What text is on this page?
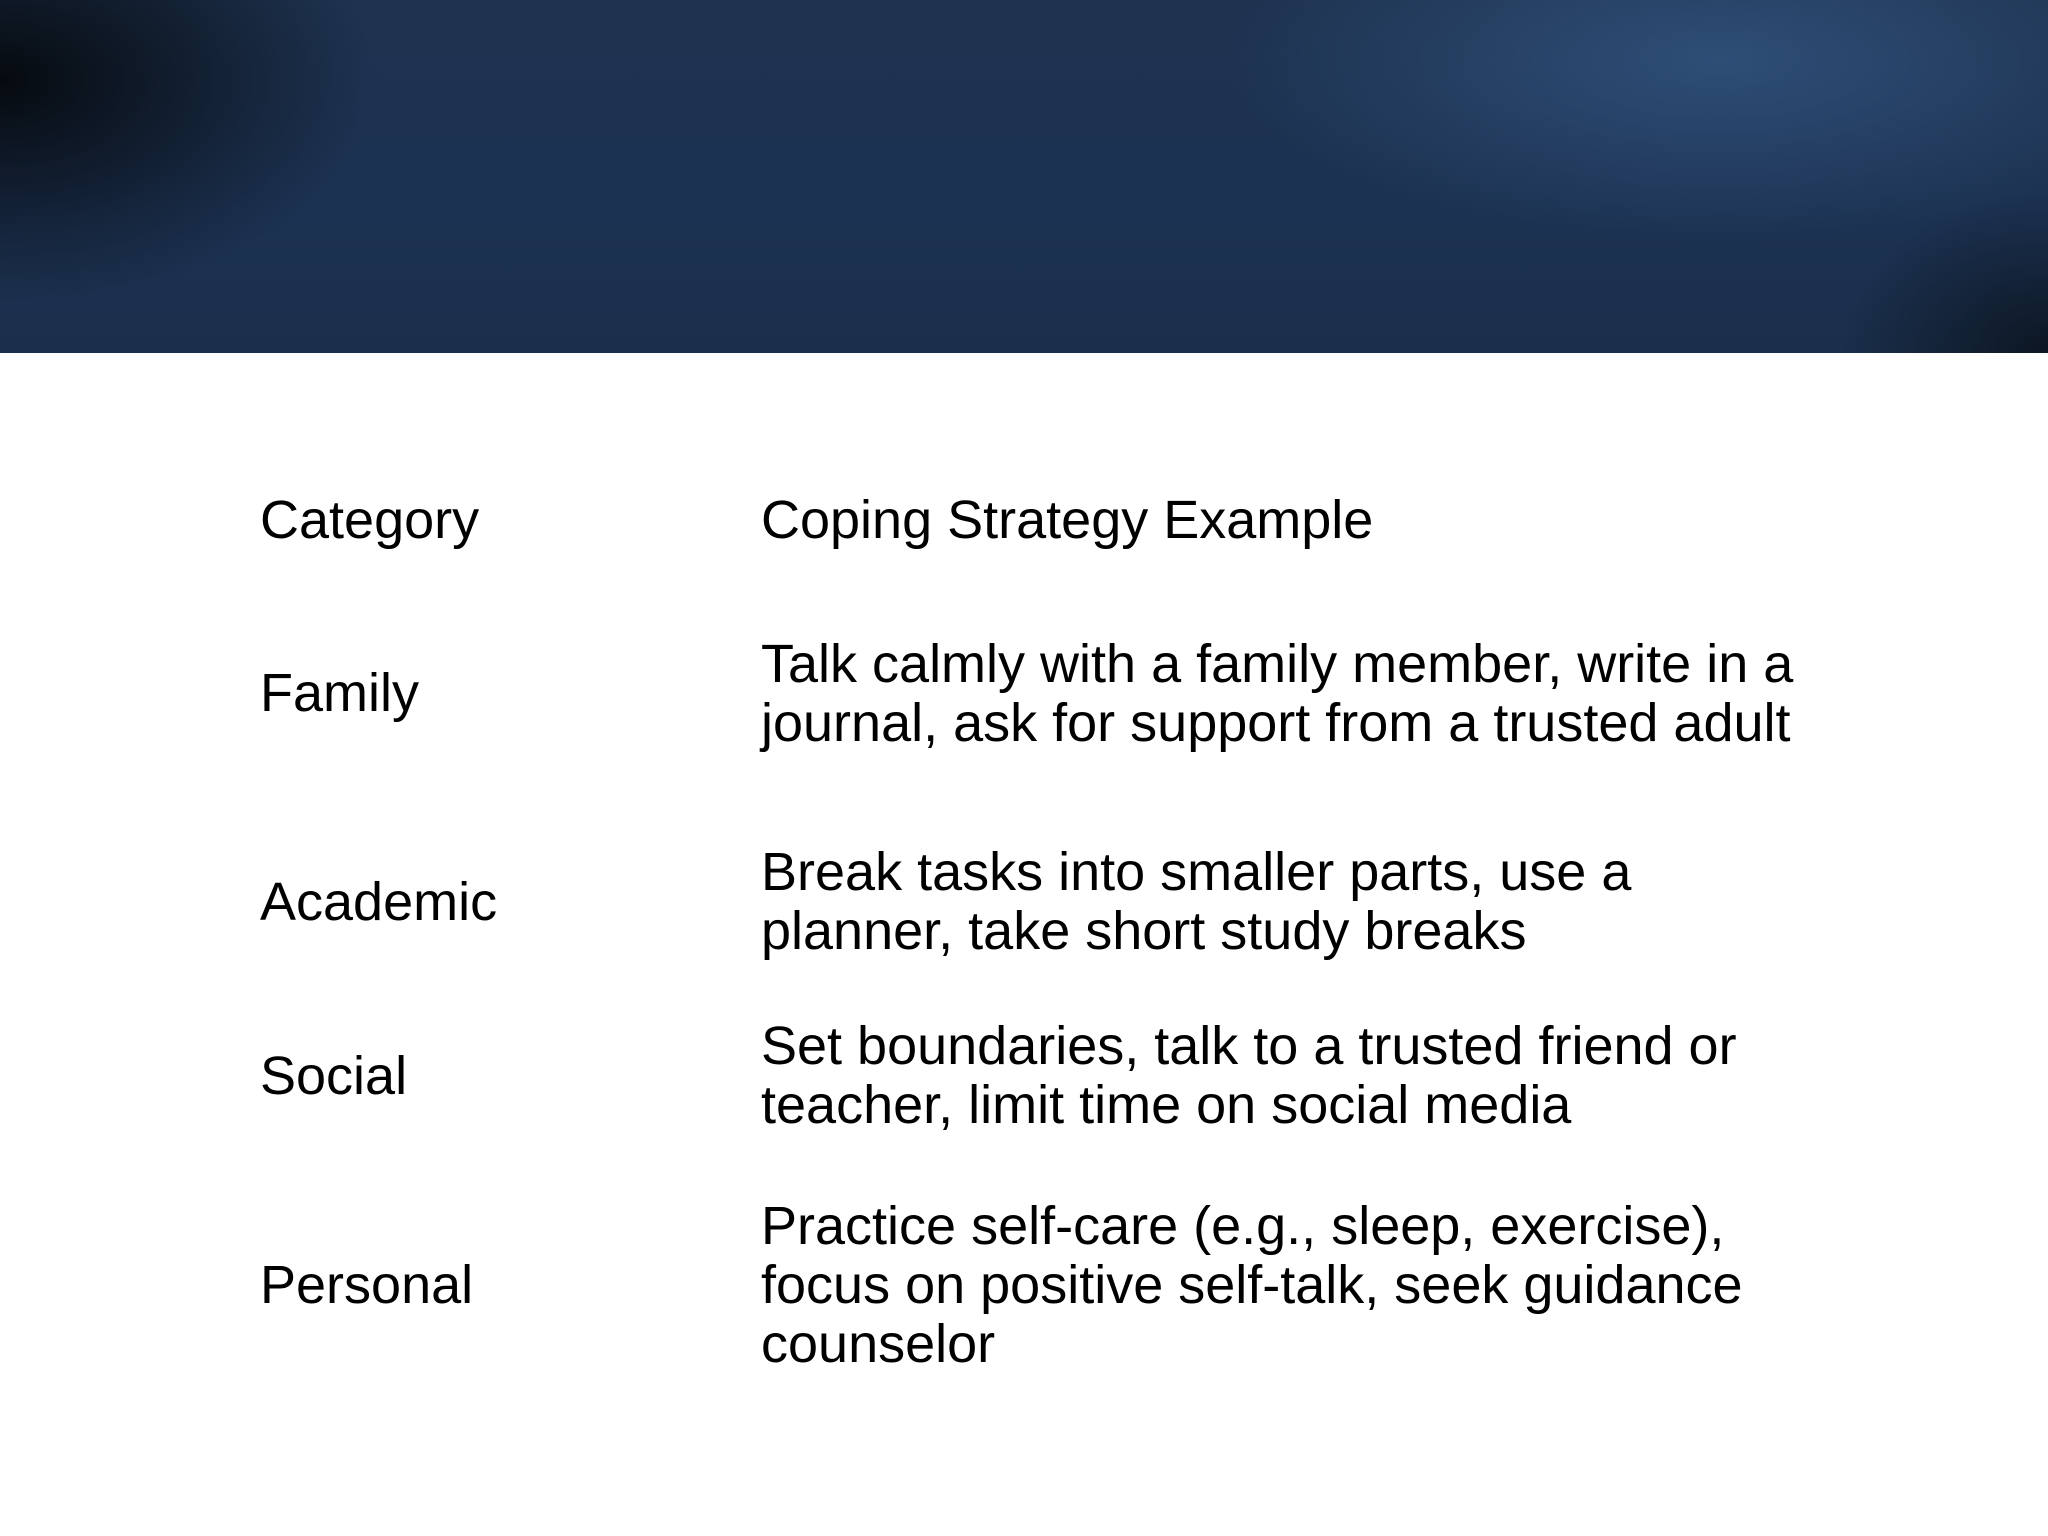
Category	Coping Strategy Example
Family	Talk calmly with a family member, write in a journal, ask for support from a trusted adult
Academic	Break tasks into smaller parts, use a planner, take short study breaks
Social	Set boundaries, talk to a trusted friend or teacher, limit time on social media
Personal	Practice self-care (e.g., sleep, exercise), focus on positive self-talk, seek guidance counselor
